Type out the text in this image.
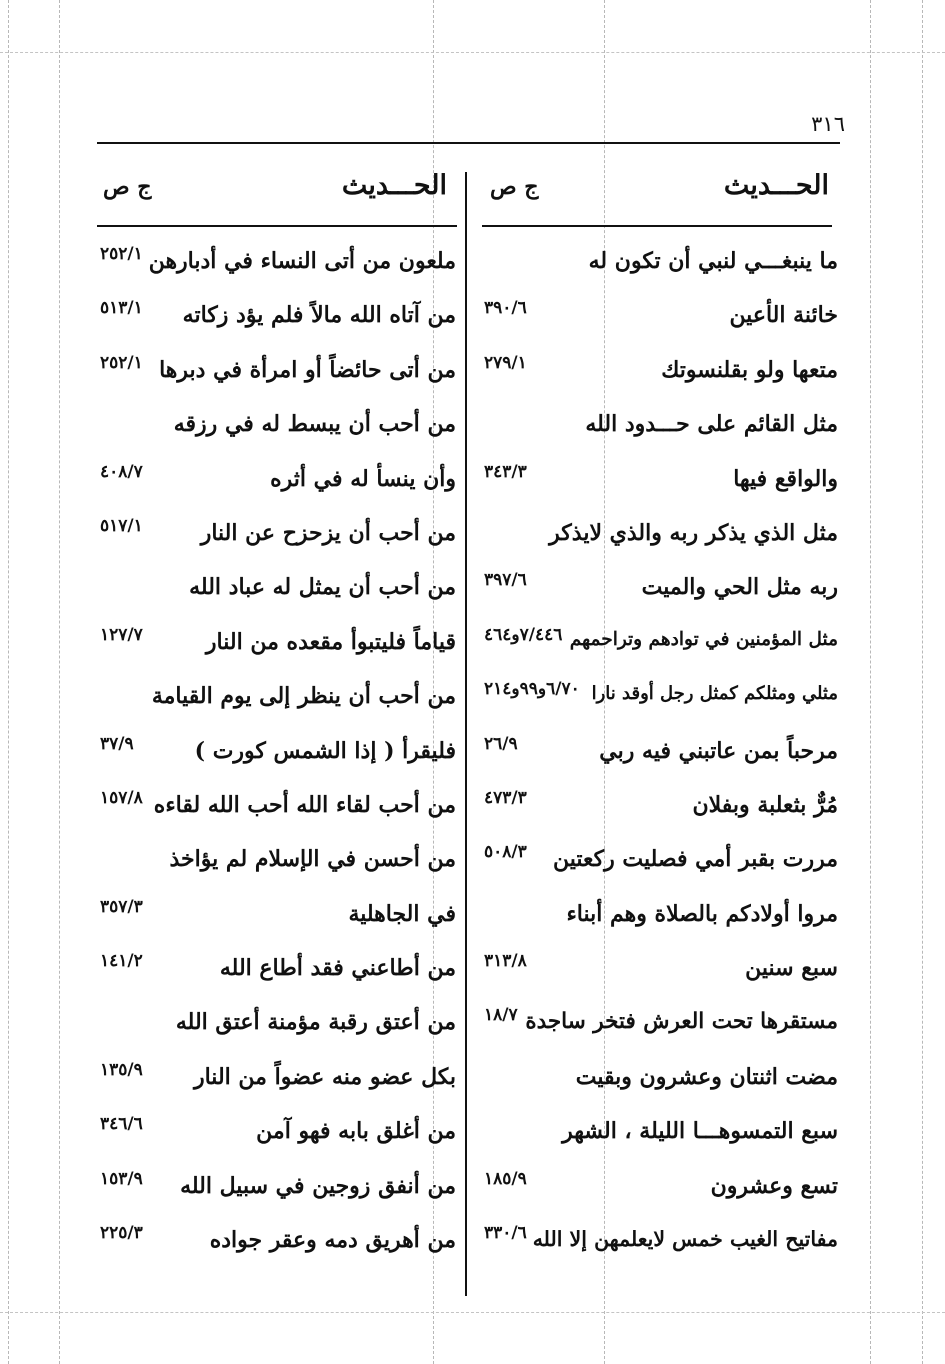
٣١٦
الحـــديث
ج ص
الحـــديث
ج ص
ما ينبغـــي لنبي أن تكون له
خائنة الأعين
٣٩٠/٦
متعها ولو بقلنسوتك
٢٧٩/١
مثل القائم على حـــدود الله
والواقع فيها
٣٤٣/٣
مثل الذي يذكر ربه والذي لايذكر
ربه مثل الحي والميت
٣٩٧/٦
مثل المؤمنين في توادهم وتراحمهم
٧/٤٤٦و٤٦٤
مثلي ومثلكم كمثل رجل أوقد نارا
٦/٧٠و٩٩و٢١٤
مرحباً بمن عاتبني فيه ربي
٢٦/٩
مُرٌّ بثعلبة وبفلان
٤٧٣/٣
مررت بقبر أمي فصليت ركعتين
٥٠٨/٣
مروا أولادكم بالصلاة وهم أبناء
سبع سنين
٣١٣/٨
مستقرها تحت العرش فتخر ساجدة
١٨/٧
مضت اثنتان وعشرون وبقيت
سبع التمسوهـــا الليلة ، الشهر
تسع وعشرون
١٨٥/٩
مفاتيح الغيب خمس لايعلمهن إلا الله
٣٣٠/٦
ملعون من أتى النساء في أدبارهن
٢٥٢/١
من آتاه الله مالاً فلم يؤد زكاته
٥١٣/١
من أتى حائضاً أو امرأة في دبرها
٢٥٢/١
من أحب أن يبسط له في رزقه
وأن ينسأ له في أثره
٤٠٨/٧
من أحب أن يزحزح عن النار
٥١٧/١
من أحب أن يمثل له عباد الله
قياماً فليتبوأ مقعده من النار
١٢٧/٧
من أحب أن ينظر إلى يوم القيامة
فليقرأ ( إذا الشمس كورت )
٣٧/٩
من أحب لقاء الله أحب الله لقاءه
١٥٧/٨
من أحسن في الإسلام لم يؤاخذ
في الجاهلية
٣٥٧/٣
من أطاعني فقد أطاع الله
١٤١/٢
من أعتق رقبة مؤمنة أعتق الله
بكل عضو منه عضواً من النار
١٣٥/٩
من أغلق بابه فهو آمن
٣٤٦/٦
من أنفق زوجين في سبيل الله
١٥٣/٩
من أهريق دمه وعقر جواده
٢٢٥/٣
